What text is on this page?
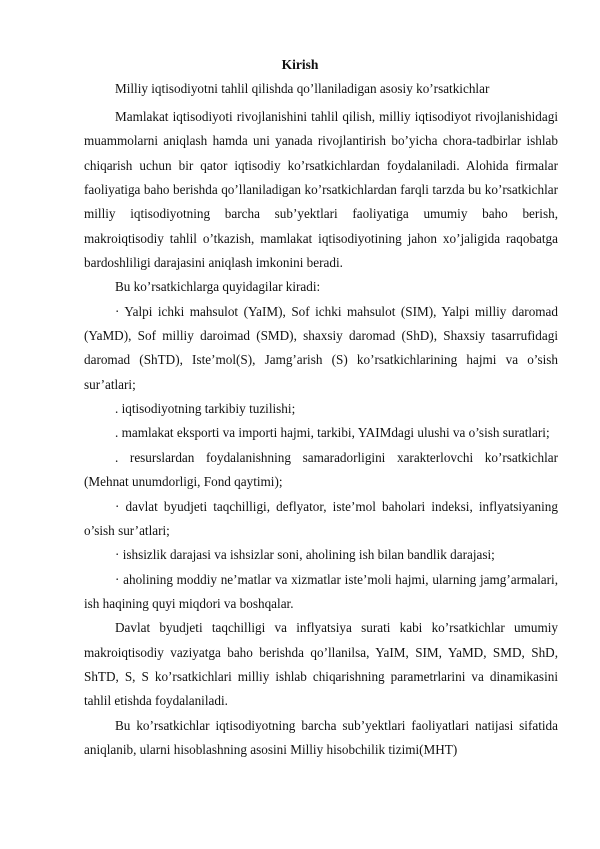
Kirish

Milliy iqtisodiyotni tahlil qilishda qo’llaniladigan asosiy ko’rsatkichlar

Mamlakat iqtisodiyoti rivojlanishini tahlil qilish, milliy iqtisodiyot rivojlanishidagi muammolarni aniqlash hamda uni yanada rivojlantirish bo’yicha chora-tadbirlar ishlab chiqarish uchun bir qator iqtisodiy ko’rsatkichlardan foydalaniladi. Alohida firmalar faoliyatiga baho berishda qo’llaniladigan ko’rsatkichlardan farqli tarzda bu ko’rsatkichlar milliy iqtisodiyotning barcha sub’yektlari faoliyatiga umumiy baho berish, makroiqtisodiy tahlil o’tkazish, mamlakat iqtisodiyotining jahon xo’jaligida raqobatga bardoshliligi darajasini aniqlash imkonini beradi.

Bu ko’rsatkichlarga quyidagilar kiradi:

· Yalpi ichki mahsulot (YaIM), Sof ichki mahsulot (SIM), Yalpi milliy daromad (YaMD), Sof milliy daroimad (SMD), shaxsiy daromad (ShD), Shaxsiy tasarrufidagi daromad (ShTD), Iste’mol(S), Jamg’arish (S) ko’rsatkichlarining hajmi va o’sish sur’atlari;

. iqtisodiyotning tarkibiy tuzilishi;

. mamlakat eksporti va importi hajmi, tarkibi, YAIMdagi ulushi va o’sish suratlari;

. resurslardan foydalanishning samaradorligini xarakterlovchi ko’rsatkichlar (Mehnat unumdorligi, Fond qaytimi);

· davlat byudjeti taqchilligi, deflyator, iste’mol baholari indeksi, inflyatsiyaning o’sish sur’atlari;

· ishsizlik darajasi va ishsizlar soni, aholining ish bilan bandlik darajasi;

· aholining moddiy ne’matlar va xizmatlar iste’moli hajmi, ularning jamg’armalari, ish haqining quyi miqdori va boshqalar.

Davlat byudjeti taqchilligi va inflyatsiya surati kabi ko’rsatkichlar umumiy makroiqtisodiy vaziyatga baho berishda qo’llanilsa, YaIM, SIM, YaMD, SMD, ShD, ShTD, S, S ko’rsatkichlari milliy ishlab chiqarishning parametrlarini va dinamikasini tahlil etishda foydalaniladi.

Bu ko’rsatkichlar iqtisodiyotning barcha sub’yektlari faoliyatlari natijasi sifatida aniqlanib, ularni hisoblashning asosini Milliy hisobchilik tizimi(MHT)
